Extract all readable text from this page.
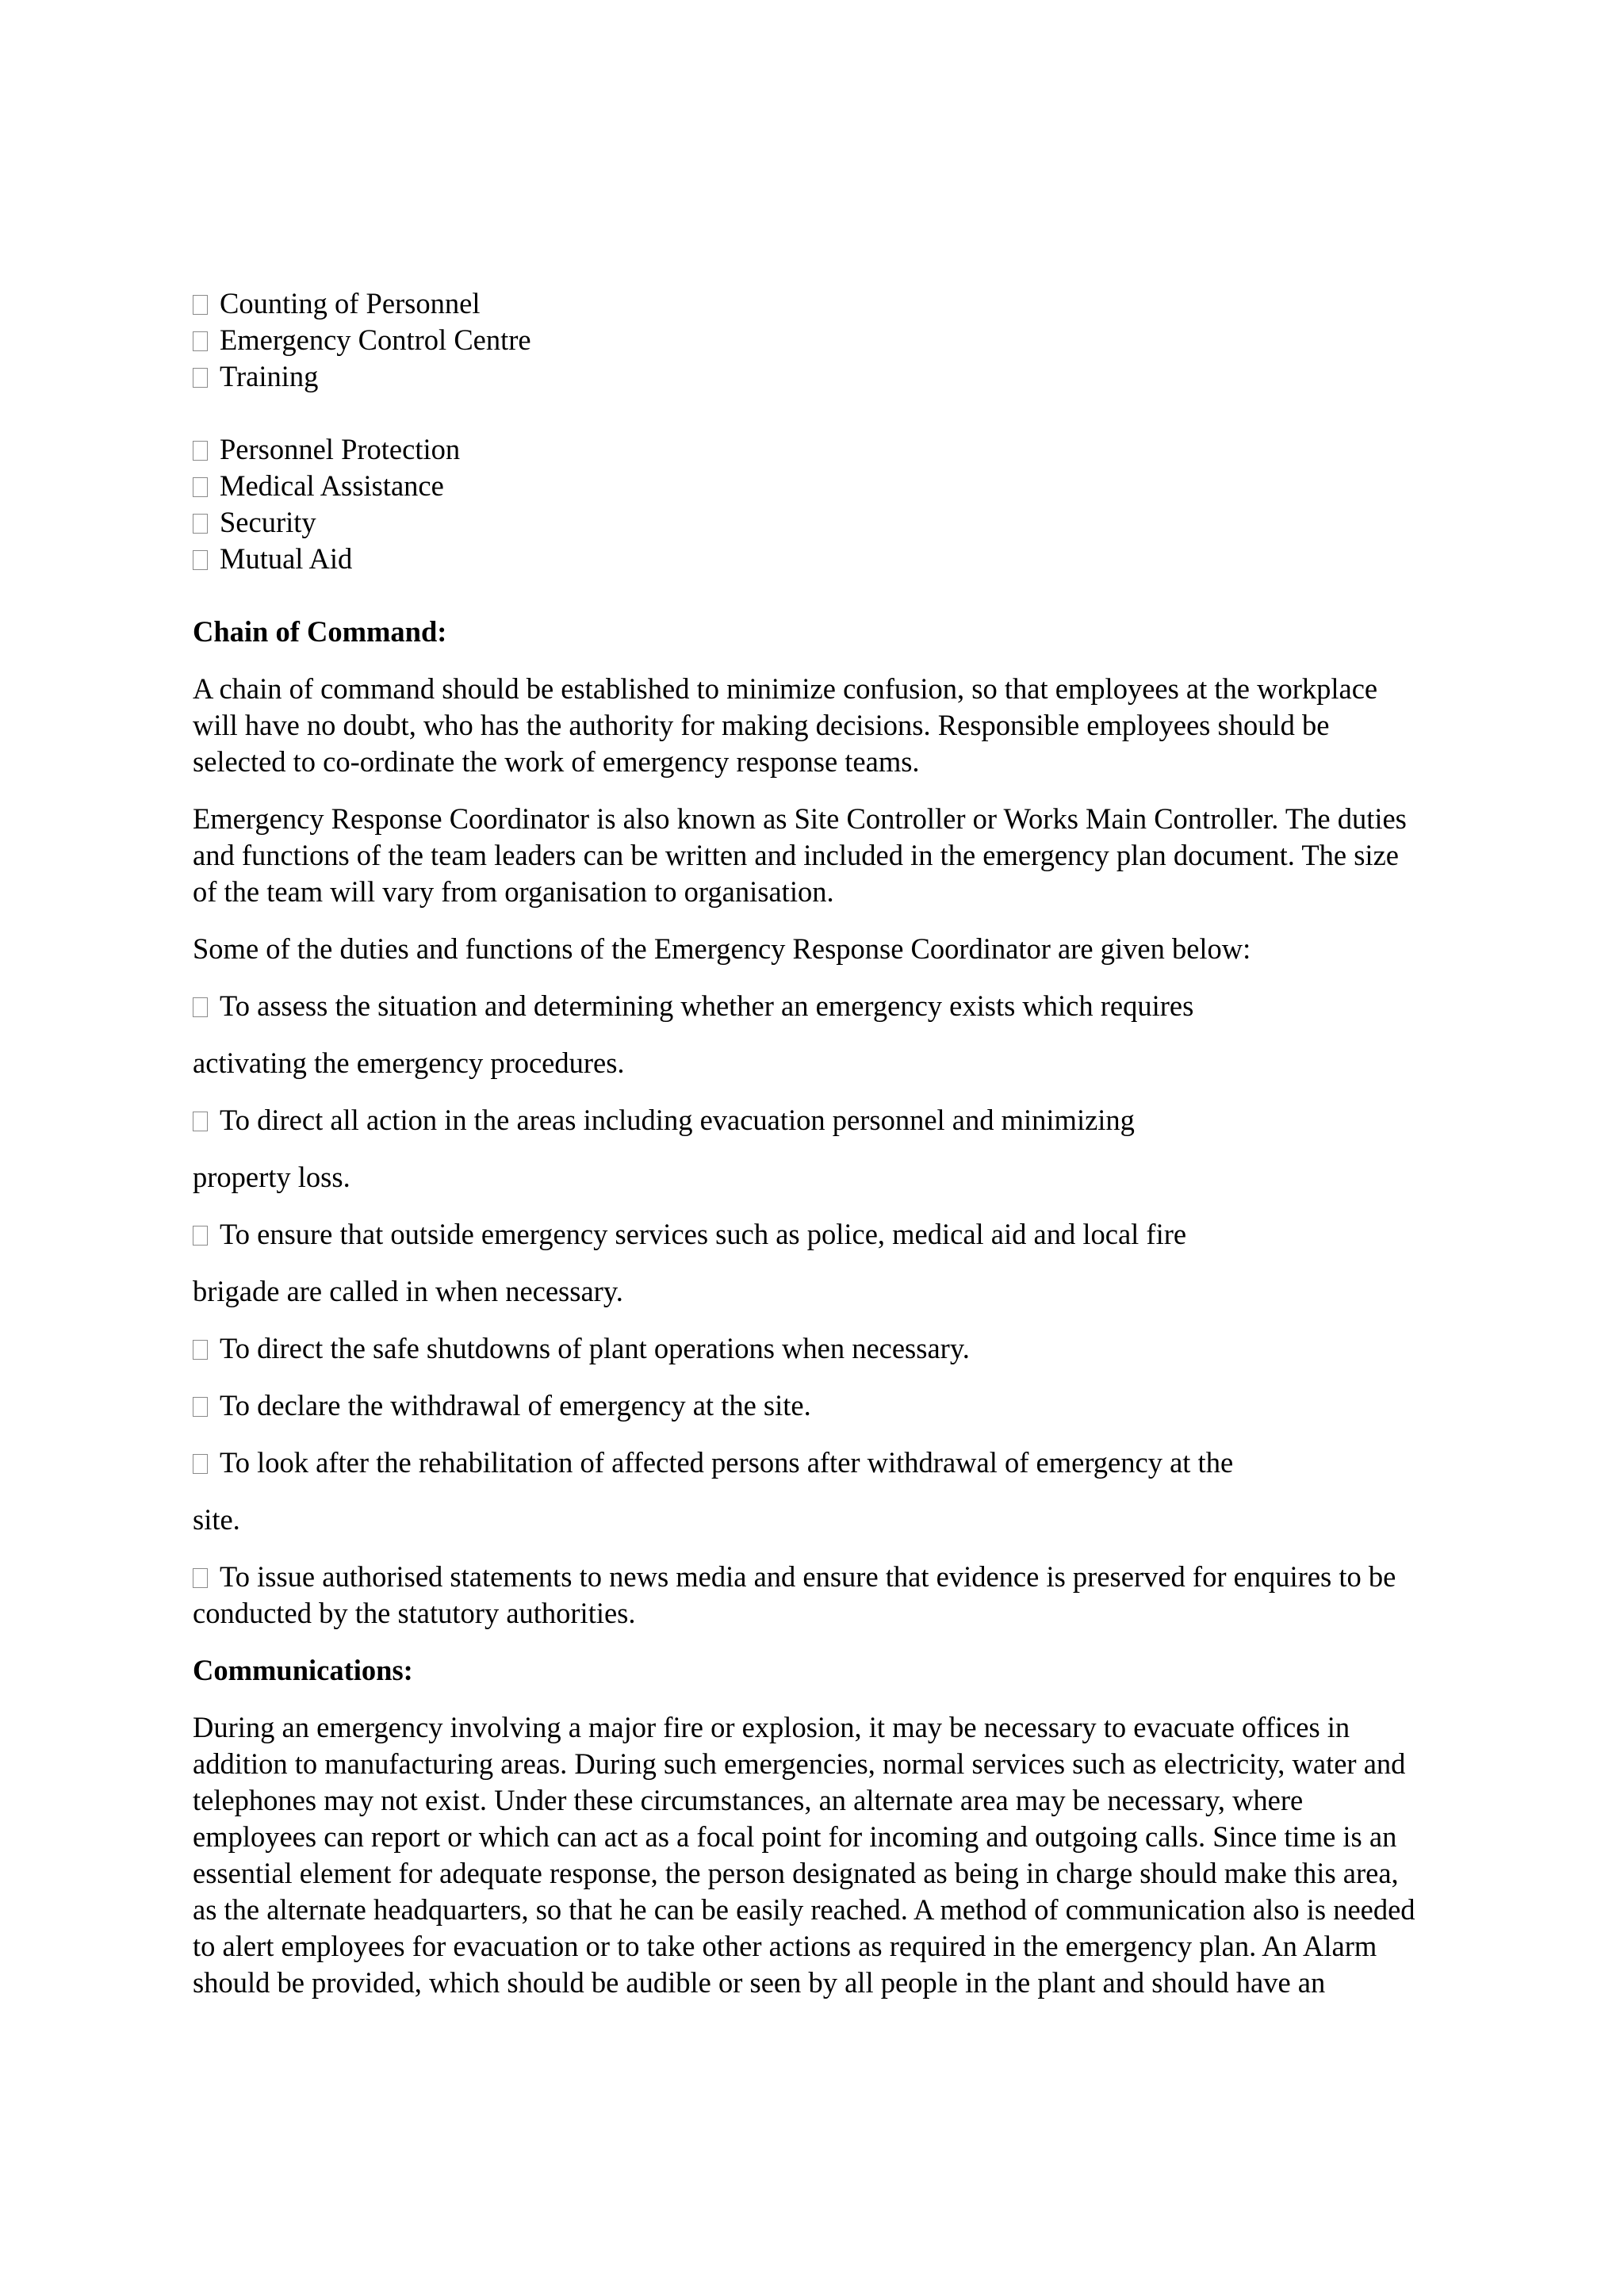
Counting of Personnel
Emergency Control Centre
Training
Personnel Protection
Medical Assistance
Security
Mutual Aid
Chain of Command:
A chain of command should be established to minimize confusion, so that employees at the workplace
will have no doubt, who has the authority for making decisions. Responsible employees should be
selected to co-ordinate the work of emergency response teams.
Emergency Response Coordinator is also known as Site Controller or Works Main Controller. The duties
and functions of the team leaders can be written and included in the emergency plan document. The size
of the team will vary from organisation to organisation.
Some of the duties and functions of the Emergency Response Coordinator are given below:
To assess the situation and determining whether an emergency exists which requires
activating the emergency procedures.
To direct all action in the areas including evacuation personnel and minimizing
property loss.
To ensure that outside emergency services such as police, medical aid and local fire
brigade are called in when necessary.
To direct the safe shutdowns of plant operations when necessary.
To declare the withdrawal of emergency at the site.
To look after the rehabilitation of affected persons after withdrawal of emergency at the
site.
To issue authorised statements to news media and ensure that evidence is preserved for enquires to be
conducted by the statutory authorities.
Communications:
During an emergency involving a major fire or explosion, it may be necessary to evacuate offices in
addition to manufacturing areas. During such emergencies, normal services such as electricity, water and
telephones may not exist. Under these circumstances, an alternate area may be necessary, where
employees can report or which can act as a focal point for incoming and outgoing calls. Since time is an
essential element for adequate response, the person designated as being in charge should make this area,
as the alternate headquarters, so that he can be easily reached. A method of communication also is needed
to alert employees for evacuation or to take other actions as required in the emergency plan. An Alarm
should be provided, which should be audible or seen by all people in the plant and should have an
